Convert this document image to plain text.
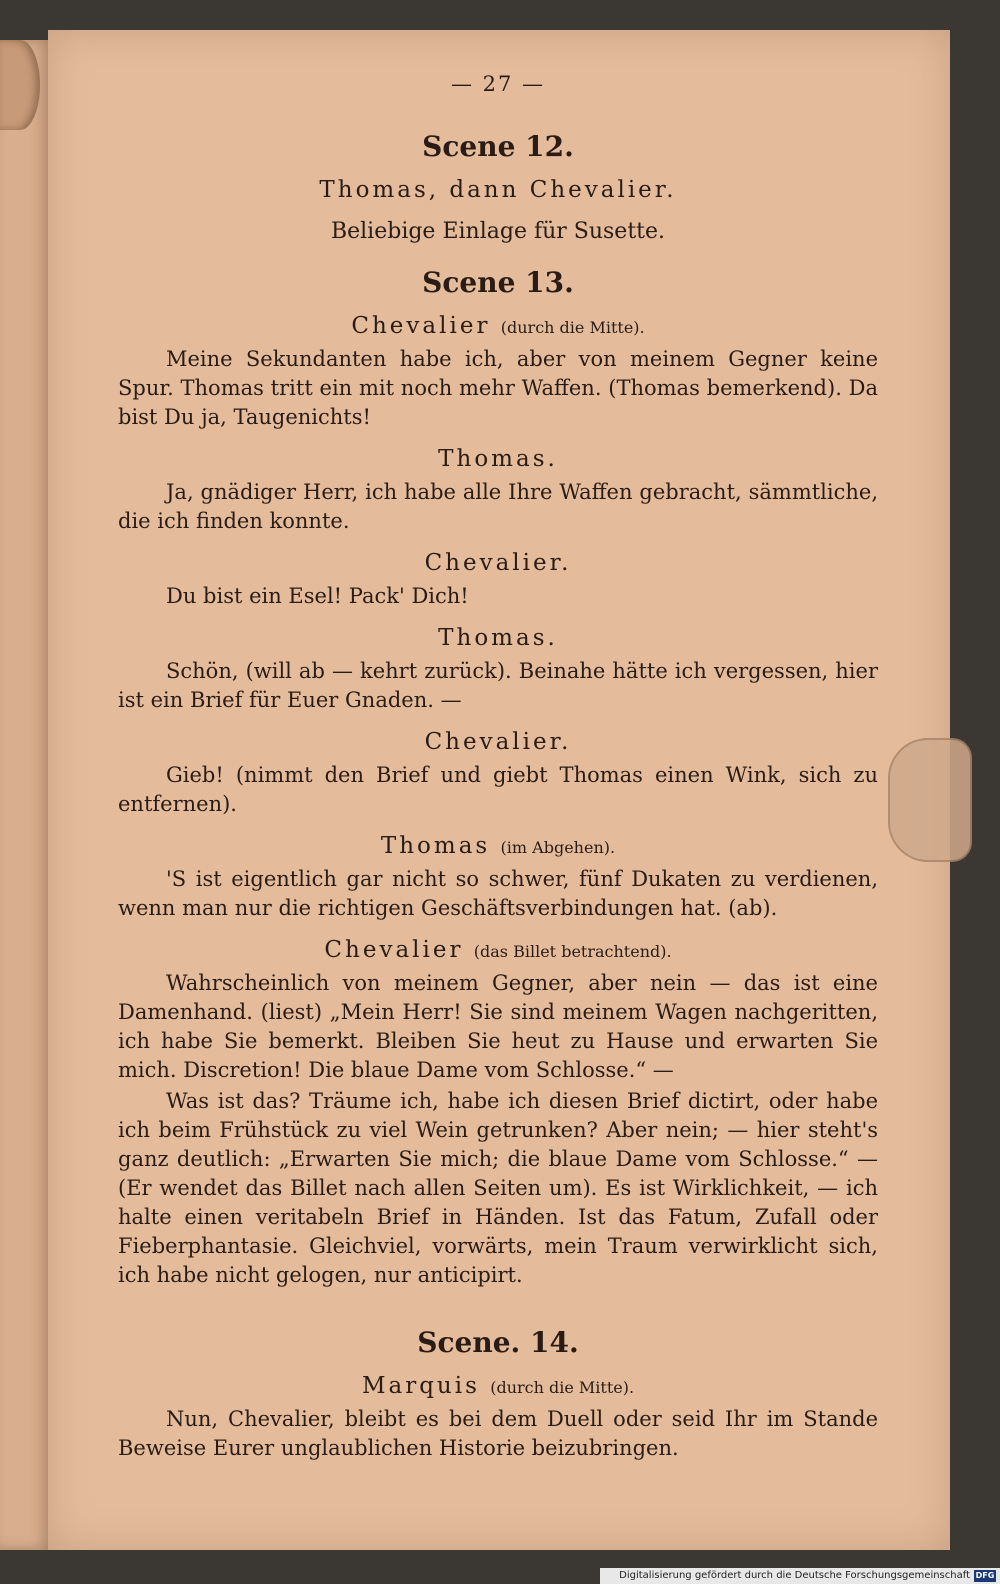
— 27 —
Scene 12.
Thomas, dann Chevalier.
Beliebige Einlage für Susette.
Scene 13.
Chevalier (durch die Mitte).
Meine Sekundanten habe ich, aber von meinem Gegner keine Spur. Thomas tritt ein mit noch mehr Waffen. (Thomas bemerkend). Da bist Du ja, Taugenichts!
Thomas.
Ja, gnädiger Herr, ich habe alle Ihre Waffen gebracht, sämmtliche, die ich finden konnte.
Chevalier.
Du bist ein Esel! Pack' Dich!
Thomas.
Schön, (will ab — kehrt zurück). Beinahe hätte ich vergessen, hier ist ein Brief für Euer Gnaden. —
Chevalier.
Gieb! (nimmt den Brief und giebt Thomas einen Wink, sich zu entfernen).
Thomas (im Abgehen).
'S ist eigentlich gar nicht so schwer, fünf Dukaten zu verdienen, wenn man nur die richtigen Geschäftsverbindungen hat. (ab).
Chevalier (das Billet betrachtend).
Wahrscheinlich von meinem Gegner, aber nein — das ist eine Damenhand. (liest) „Mein Herr! Sie sind meinem Wagen nachgeritten, ich habe Sie bemerkt. Bleiben Sie heut zu Hause und erwarten Sie mich. Discretion! Die blaue Dame vom Schlosse.“ —
Was ist das? Träume ich, habe ich diesen Brief dictirt, oder habe ich beim Frühstück zu viel Wein getrunken? Aber nein; — hier steht's ganz deutlich: „Erwarten Sie mich; die blaue Dame vom Schlosse.“ — (Er wendet das Billet nach allen Seiten um). Es ist Wirklichkeit, — ich halte einen veritabeln Brief in Händen. Ist das Fatum, Zufall oder Fieberphantasie. Gleichviel, vorwärts, mein Traum verwirklicht sich, ich habe nicht gelogen, nur anticipirt.
Scene. 14.
Marquis (durch die Mitte).
Nun, Chevalier, bleibt es bei dem Duell oder seid Ihr im Stande Beweise Eurer unglaublichen Historie beizubringen.
Digitalisierung gefördert durch die Deutsche Forschungsgemeinschaft DFG
